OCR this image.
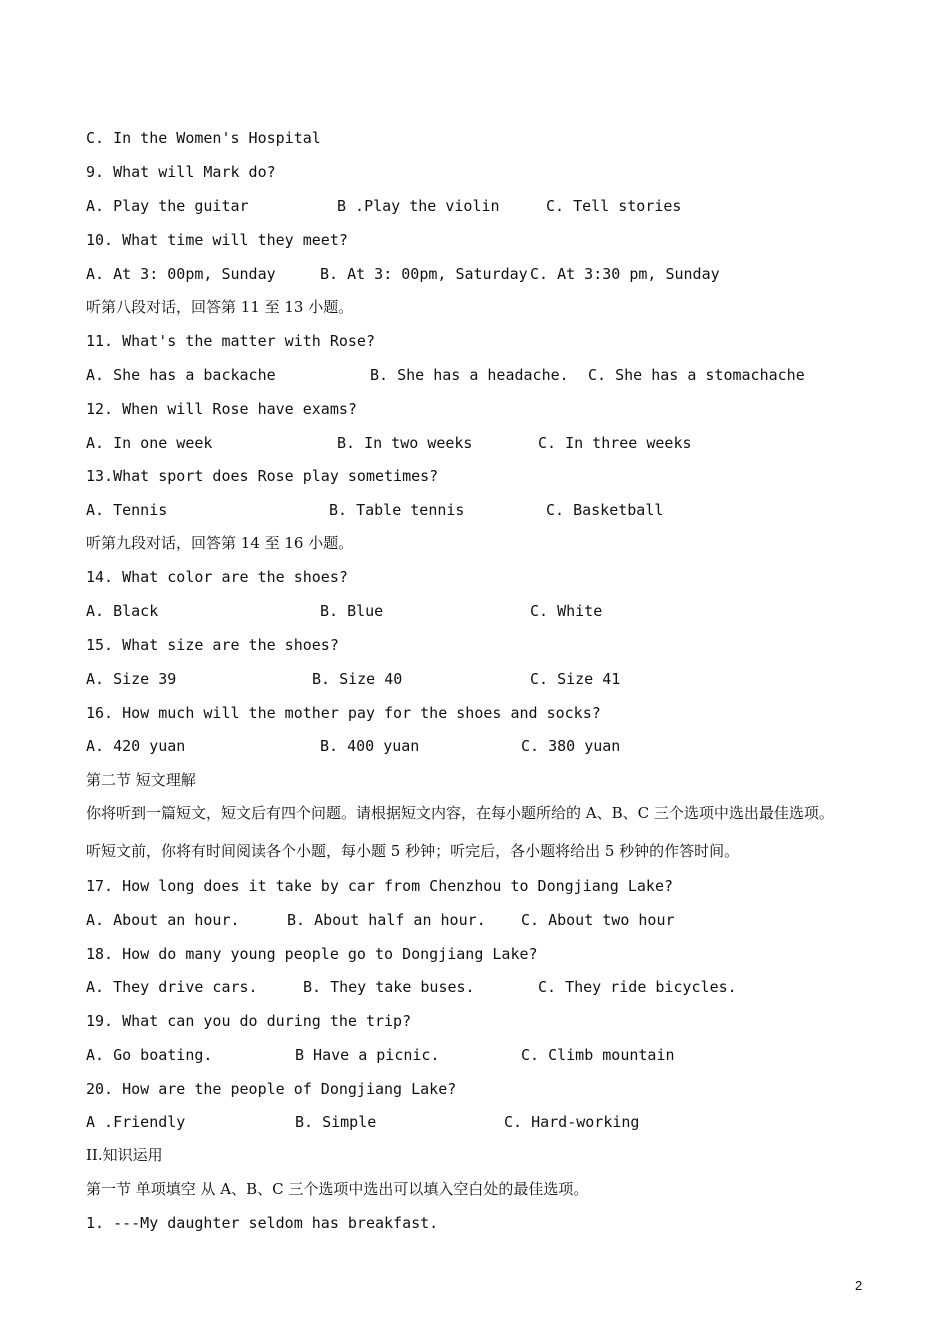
C. In the Women's Hospital
9. What will Mark do?
A. Play the guitar	B .Play the violin	C. Tell stories
10. What time will they meet?
A. At 3: 00pm, Sunday	B. At 3: 00pm, Saturday C. At 3:30 pm, Sunday
听第八段对话，回答第 11 至 13 小题。
11. What's the matter with Rose?
A. She has a backache	B. She has a headache. C. She has a stomachache
12. When will Rose have exams?
A. In one week	B. In two weeks	C. In three weeks
13.What sport does Rose play sometimes?
A. Tennis	B. Table tennis	C. Basketball
听第九段对话，回答第 14 至 16 小题。
14. What color are the shoes?
A. Black	B. Blue	C. White
15. What size are the shoes?
A. Size 39	B. Size 40	C. Size 41
16. How much will the mother pay for the shoes and socks?
A. 420 yuan	B. 400 yuan	C. 380 yuan
第二节 短文理解
你将听到一篇短文，短文后有四个问题。请根据短文内容，在每小题所给的 A、B、C 三个选项中选出最佳选项。
听短文前，你将有时间阅读各个小题，每小题 5 秒钟；听完后，各小题将给出 5 秒钟的作答时间。
17. How long does it take by car from Chenzhou to Dongjiang Lake?
A. About an hour.	B. About half an hour. C. About two hour
18. How do many young people go to Dongjiang Lake?
A. They drive cars.	B. They take buses.	C. They ride bicycles.
19. What can you do during the trip?
A. Go boating.	B Have a picnic.	C. Climb mountain
20. How are the people of Dongjiang Lake?
A .Friendly	B. Simple	C. Hard-working
II.知识运用
第一节 单项填空 从 A、B、C 三个选项中选出可以填入空白处的最佳选项。
1. ---My daughter seldom has breakfast.
2
